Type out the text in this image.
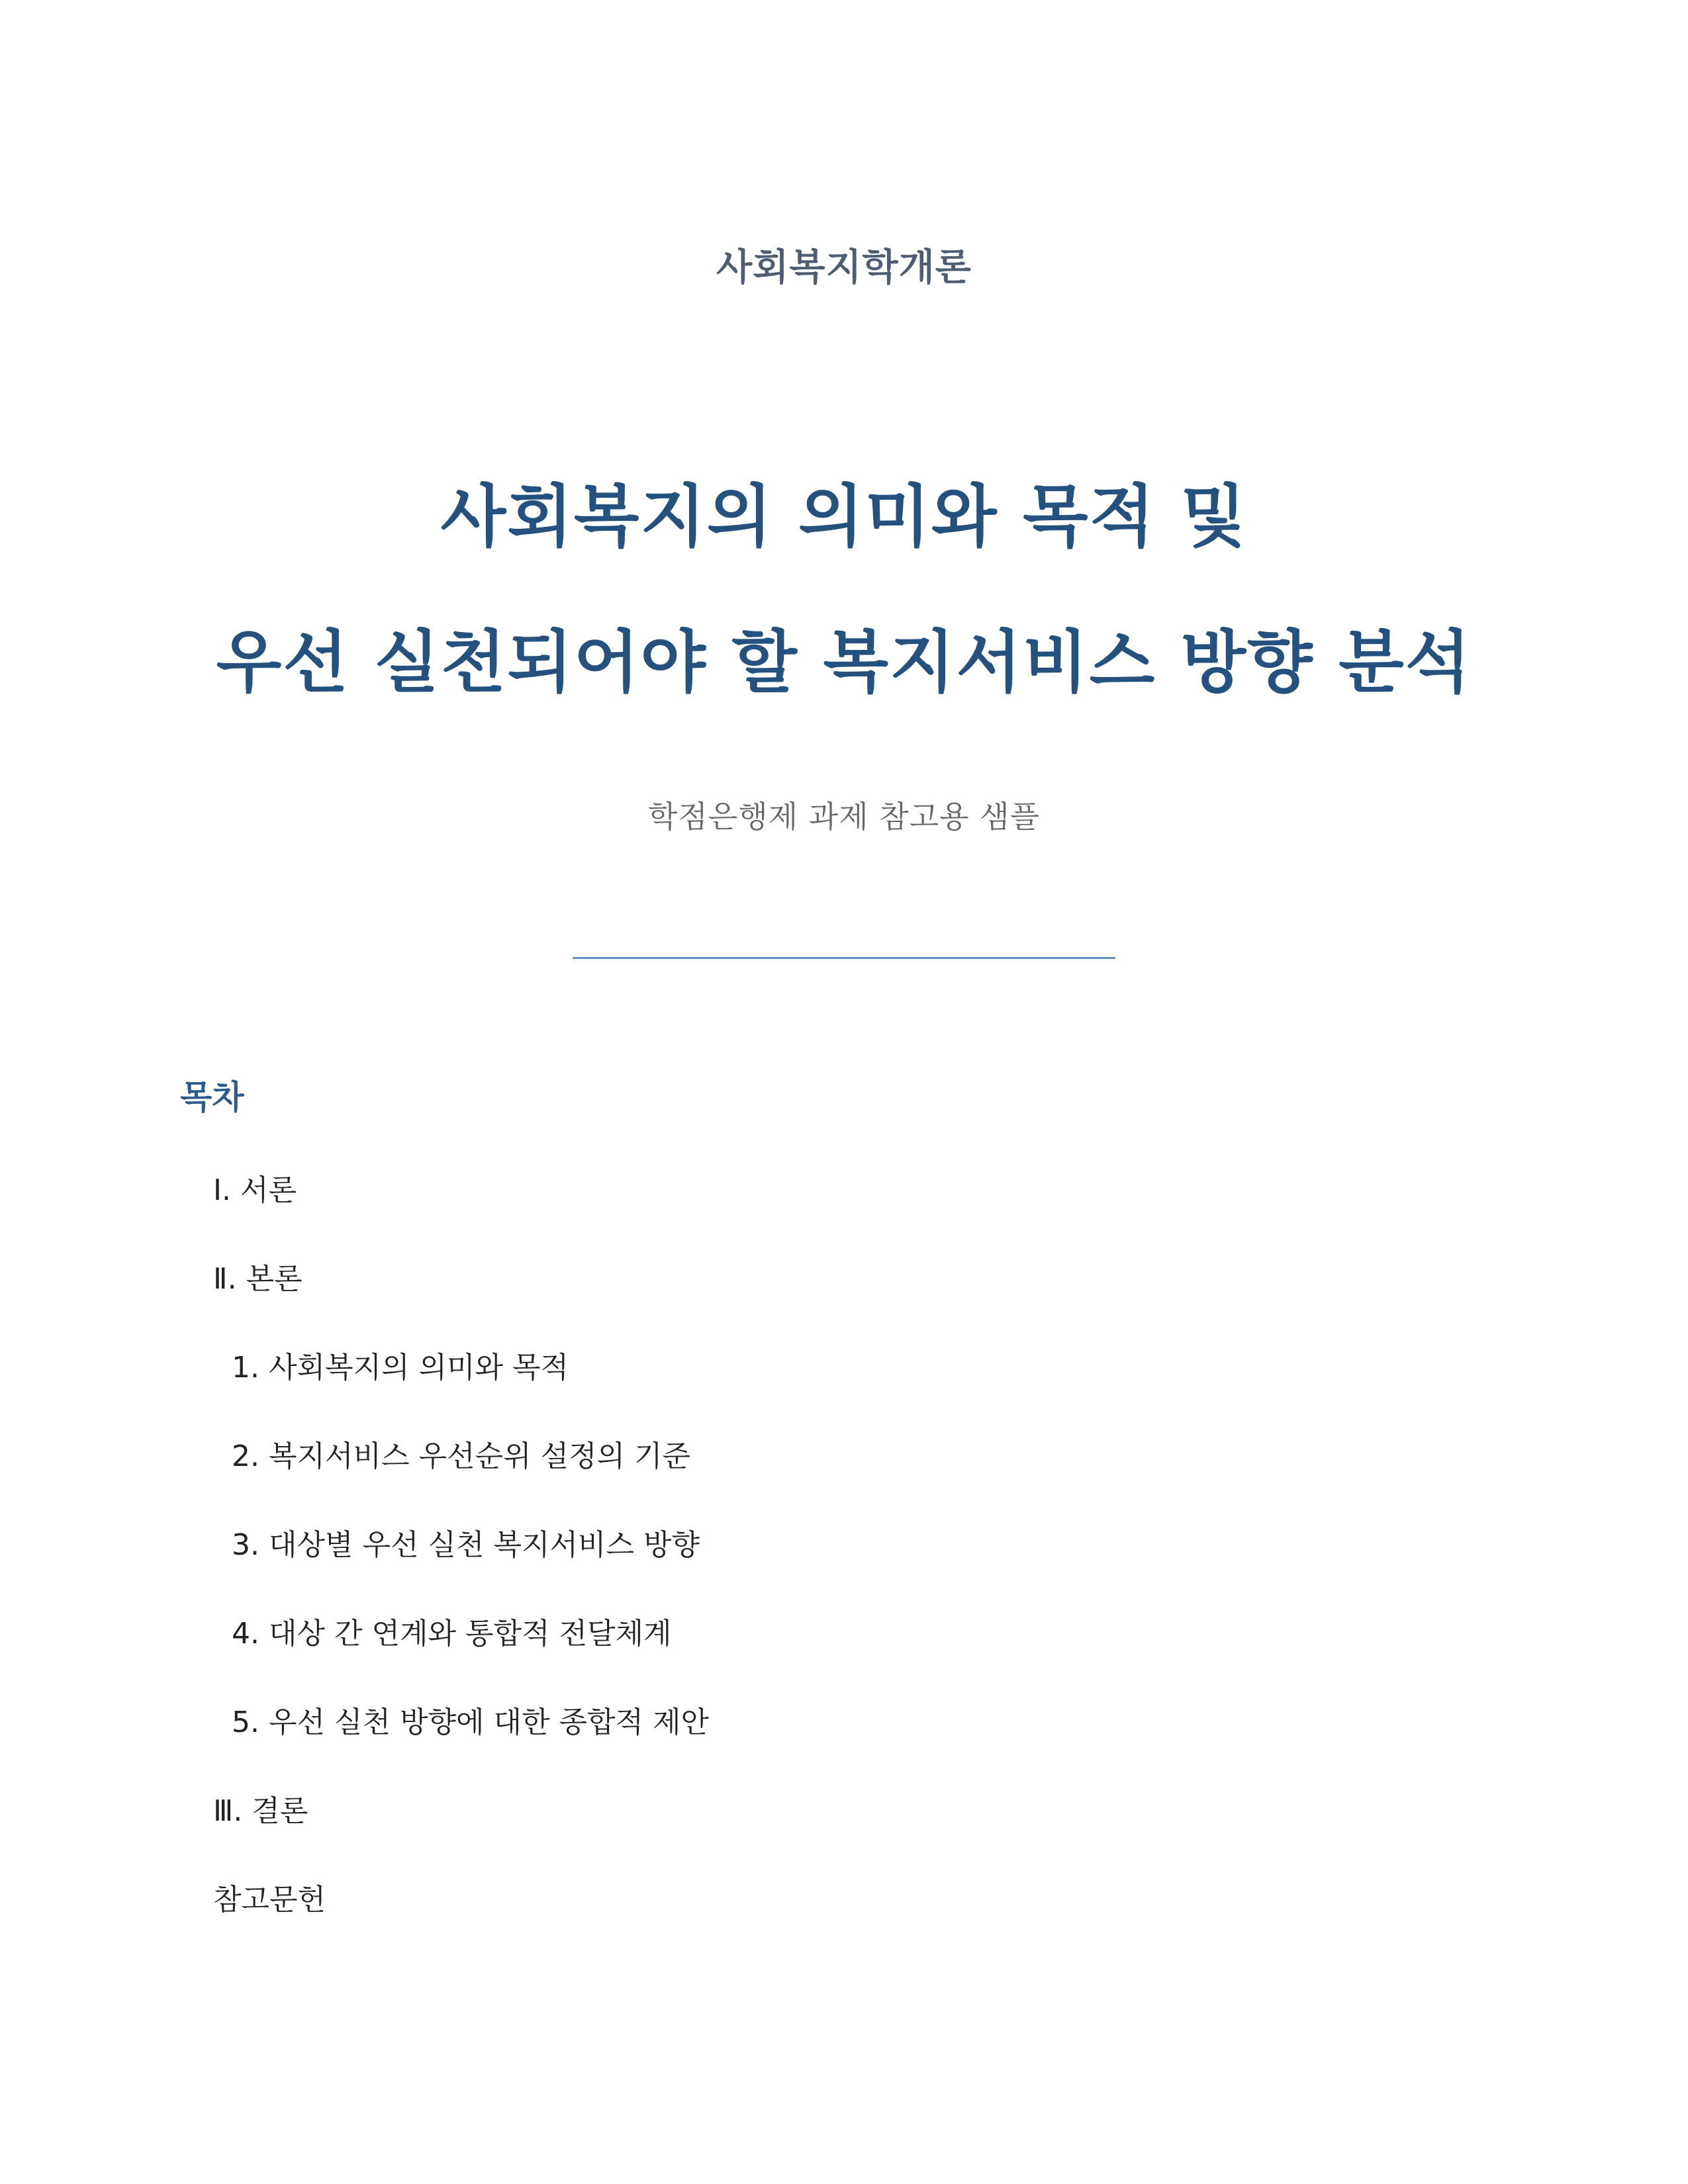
사회복지학개론
사회복지의 의미와 목적 및
우선 실천되어야 할 복지서비스 방향 분석
학점은행제 과제 참고용 샘플
목차
Ⅰ. 서론
Ⅱ. 본론
1. 사회복지의 의미와 목적
2. 복지서비스 우선순위 설정의 기준
3. 대상별 우선 실천 복지서비스 방향
4. 대상 간 연계와 통합적 전달체계
5. 우선 실천 방향에 대한 종합적 제안
Ⅲ. 결론
참고문헌
